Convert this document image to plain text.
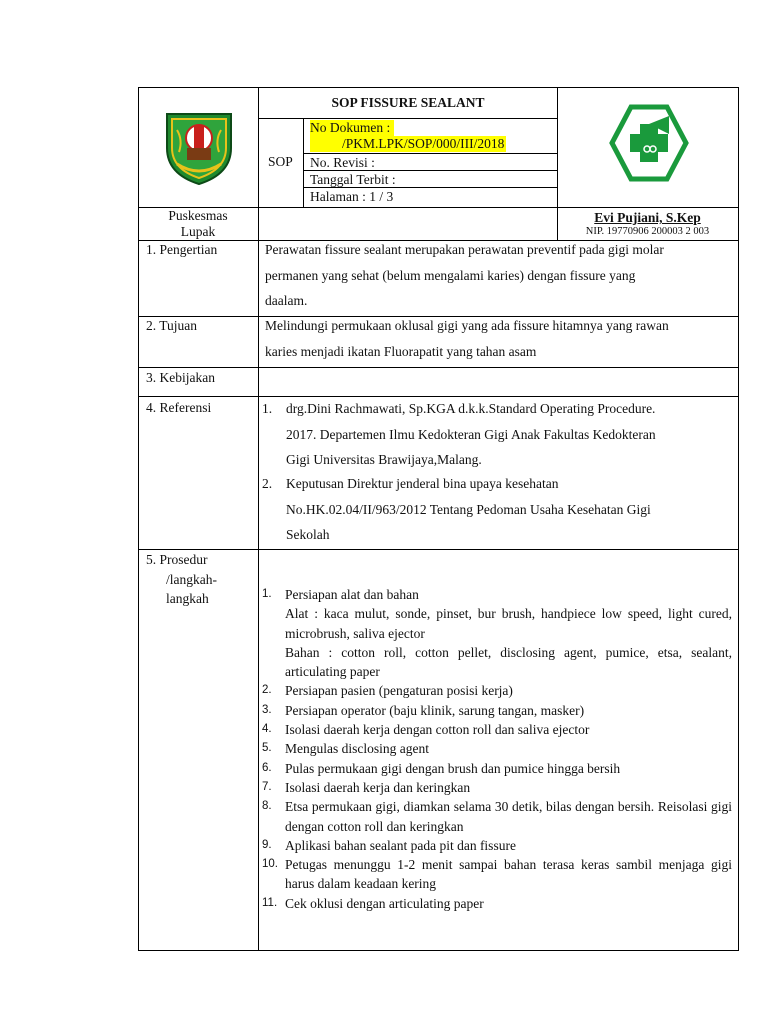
SOP FISSURE SEALANT
SOP
No Dokumen :
/PKM.LPK/SOP/000/III/2018
No. Revisi :
Tanggal Terbit :
Halaman : 1 / 3
Puskesmas
Lupak
Evi Pujiani, S.Kep
NIP. 19770906 200003 2 003
1. Pengertian
2. Tujuan
3. Kebijakan
4. Referensi
5. Prosedur
/langkah-
langkah
Perawatan fissure sealant merupakan perawatan preventif pada gigi molar
permanen yang sehat (belum mengalami karies) dengan fissure yang
daalam.
Melindungi permukaan oklusal gigi yang ada fissure hitamnya yang rawan
karies menjadi ikatan Fluorapatit yang tahan asam
1. drg.Dini Rachmawati, Sp.KGA d.k.k.Standard Operating Procedure.
2017. Departemen Ilmu Kedokteran Gigi Anak Fakultas Kedokteran
Gigi Universitas Brawijaya,Malang.
2. Keputusan Direktur jenderal bina upaya kesehatan
No.HK.02.04/II/963/2012 Tentang Pedoman Usaha Kesehatan Gigi
Sekolah
1. Persiapan alat dan bahan
Alat : kaca mulut, sonde, pinset, bur brush, handpiece low speed, light cured, microbrush, saliva ejector
Bahan : cotton roll, cotton pellet, disclosing agent, pumice, etsa, sealant, articulating paper
2. Persiapan pasien (pengaturan posisi kerja)
3. Persiapan operator (baju klinik, sarung tangan, masker)
4. Isolasi daerah kerja dengan cotton roll dan saliva ejector
5. Mengulas disclosing agent
6. Pulas permukaan gigi dengan brush dan pumice hingga bersih
7. Isolasi daerah kerja dan keringkan
8. Etsa permukaan gigi, diamkan selama 30 detik, bilas dengan bersih. Reisolasi gigi dengan cotton roll dan keringkan
9. Aplikasi bahan sealant pada pit dan fissure
10. Petugas menunggu 1-2 menit sampai bahan terasa keras sambil menjaga gigi harus dalam keadaan kering
11. Cek oklusi dengan articulating paper
